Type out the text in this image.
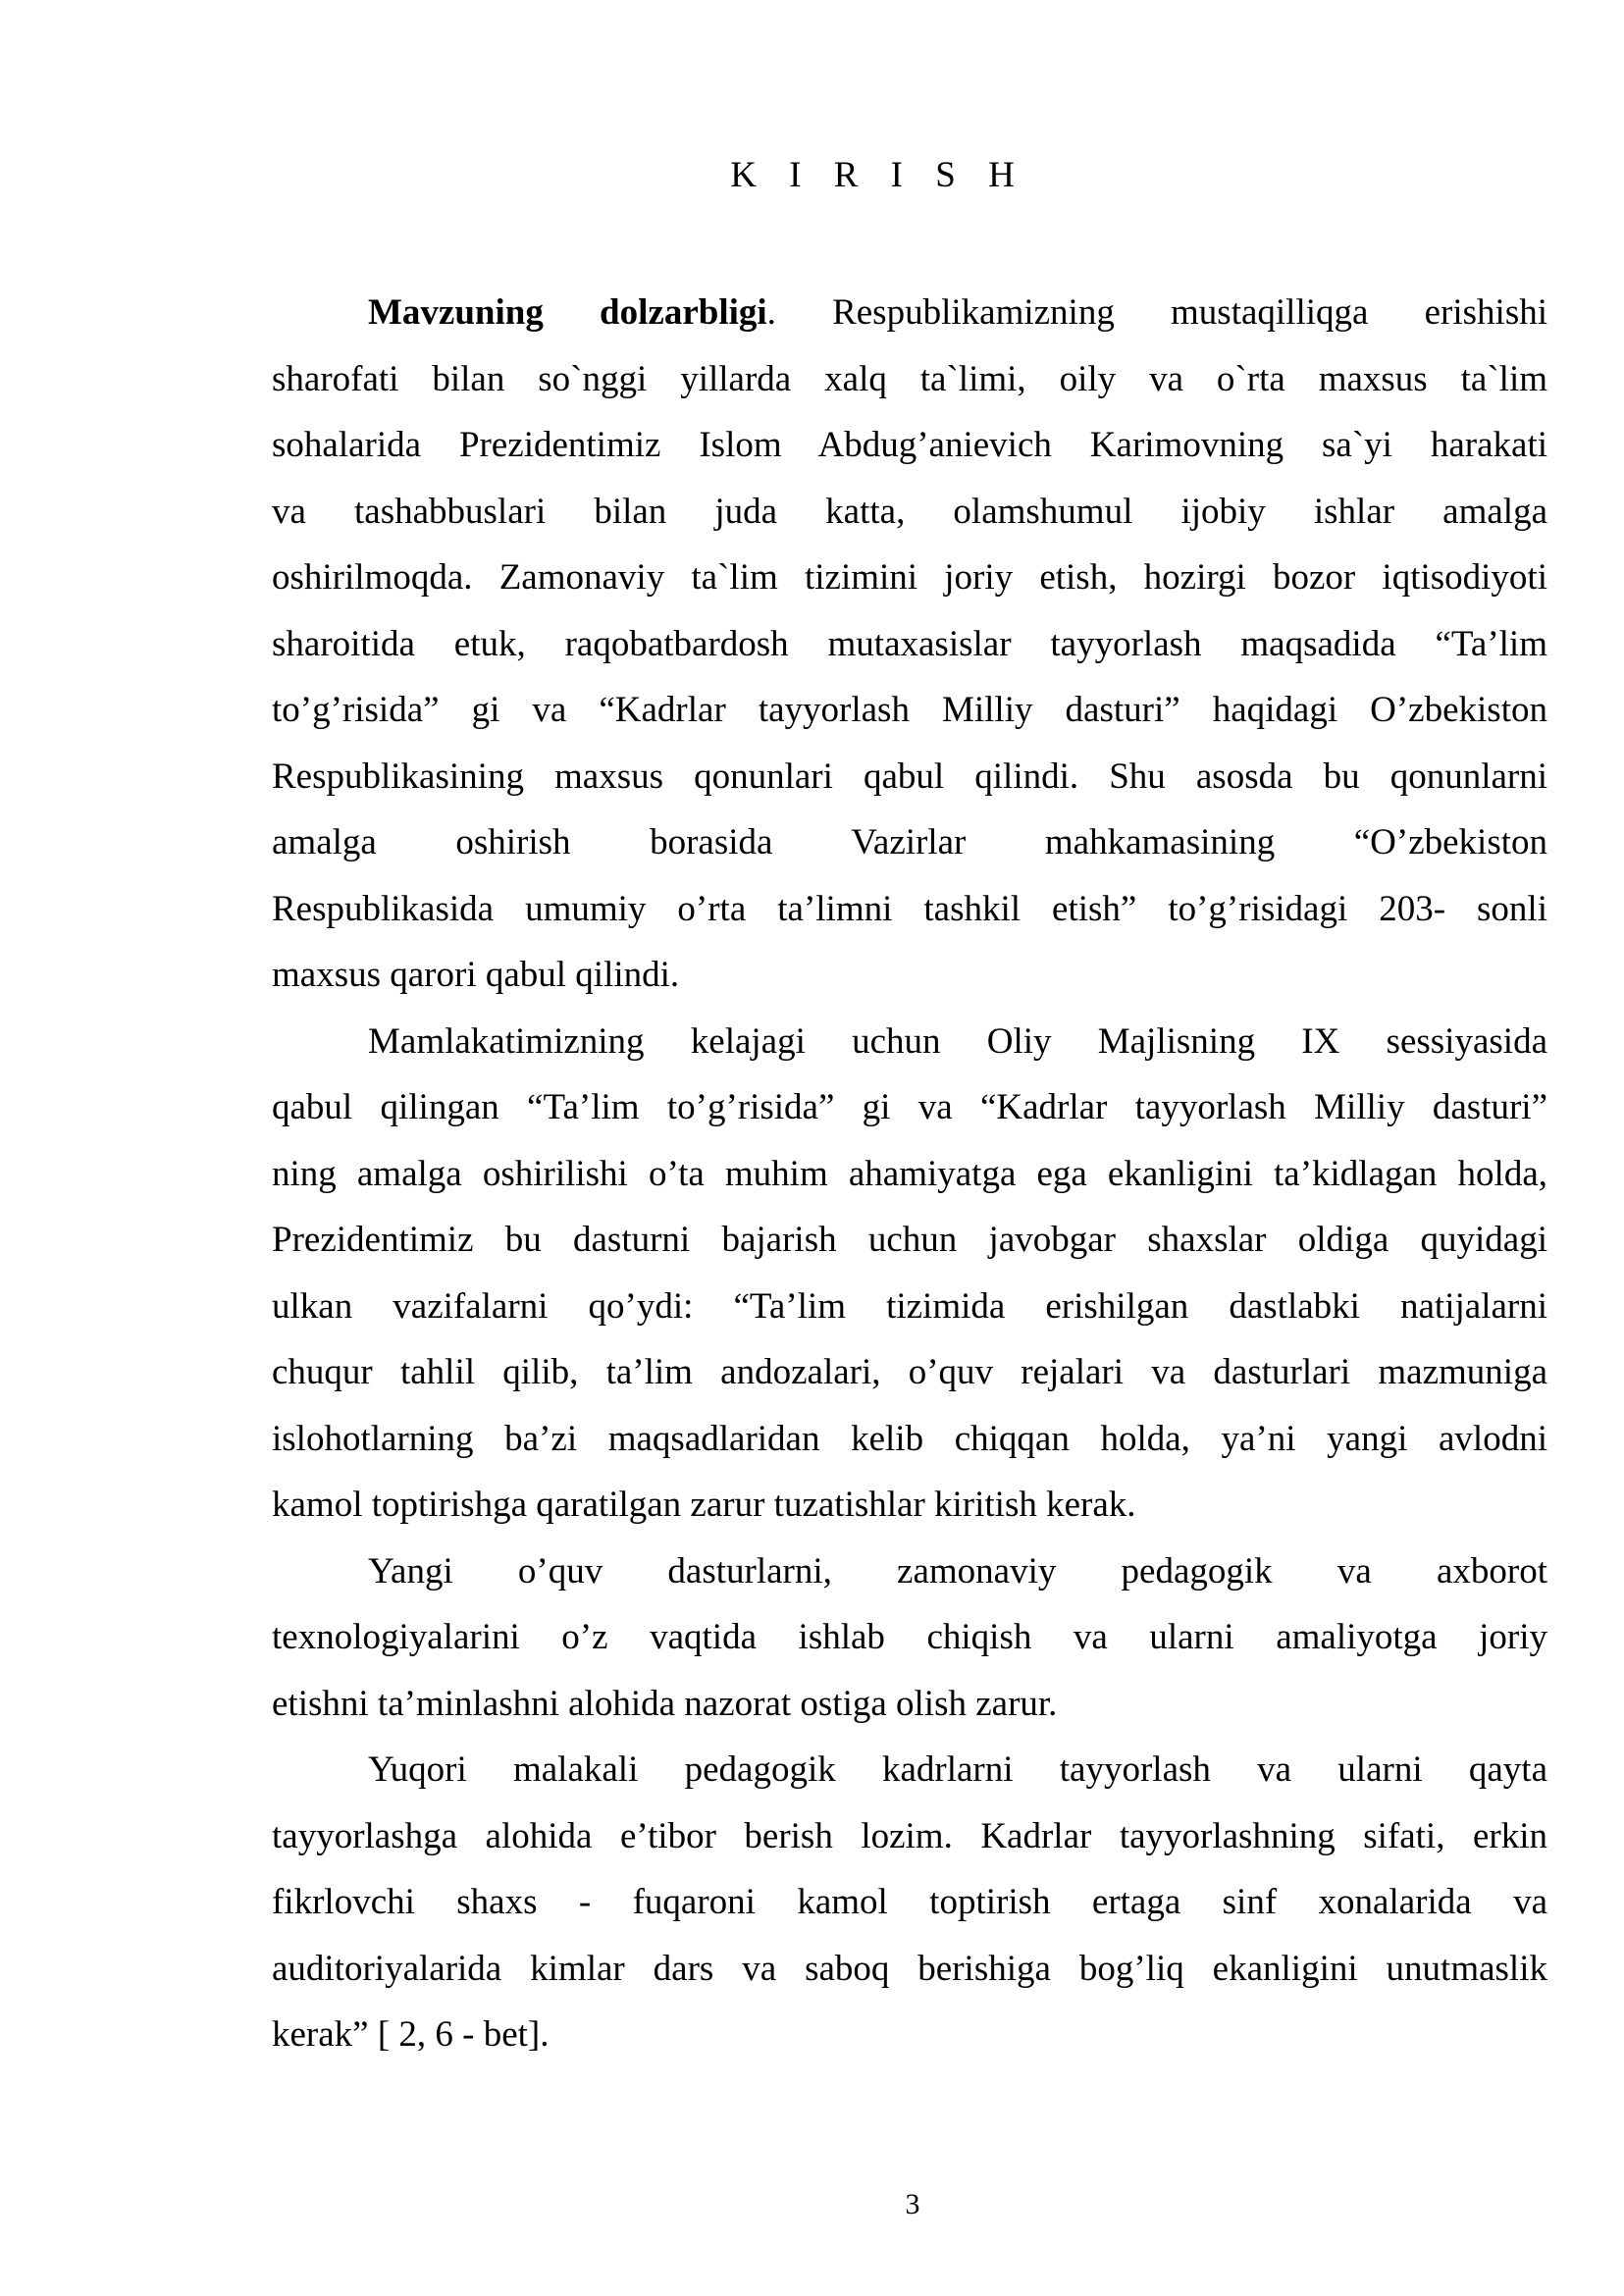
K I R I S H
Mavzuning dolzarbligi. Respublikamizning mustaqilliqga erishishi
sharofati bilan so`nggi yillarda xalq ta`limi, oily va o`rta maxsus ta`lim
sohalarida Prezidentimiz Islom Abdug’anievich Karimovning sa`yi harakati
va tashabbuslari bilan juda katta, olamshumul ijobiy ishlar amalga
oshirilmoqda. Zamonaviy ta`lim tizimini joriy etish, hozirgi bozor iqtisodiyoti
sharoitida etuk, raqobatbardosh mutaxasislar tayyorlash maqsadida “Ta’lim
to’g’risida” gi va “Kadrlar tayyorlash Milliy dasturi” haqidagi O’zbekiston
Respublikasining maxsus qonunlari qabul qilindi. Shu asosda bu qonunlarni
amalga oshirish borasida Vazirlar mahkamasining “O’zbekiston
Respublikasida umumiy o’rta ta’limni tashkil etish” to’g’risidagi 203- sonli
maxsus qarori qabul qilindi.
Mamlakatimizning kelajagi uchun Oliy Majlisning IX sessiyasida
qabul qilingan “Ta’lim to’g’risida” gi va “Kadrlar tayyorlash Milliy dasturi”
ning amalga oshirilishi o’ta muhim ahamiyatga ega ekanligini ta’kidlagan holda,
Prezidentimiz bu dasturni bajarish uchun javobgar shaxslar oldiga quyidagi
ulkan vazifalarni qo’ydi: “Ta’lim tizimida erishilgan dastlabki natijalarni
chuqur tahlil qilib, ta’lim andozalari, o’quv rejalari va dasturlari mazmuniga
islohotlarning ba’zi maqsadlaridan kelib chiqqan holda, ya’ni yangi avlodni
kamol toptirishga qaratilgan zarur tuzatishlar kiritish kerak.
Yangi o’quv dasturlarni, zamonaviy pedagogik va axborot
texnologiyalarini o’z vaqtida ishlab chiqish va ularni amaliyotga joriy
etishni ta’minlashni alohida nazorat ostiga olish zarur.
Yuqori malakali pedagogik kadrlarni tayyorlash va ularni qayta
tayyorlashga alohida e’tibor berish lozim. Kadrlar tayyorlashning sifati, erkin
fikrlovchi shaxs - fuqaroni kamol toptirish ertaga sinf xonalarida va
auditoriyalarida kimlar dars va saboq berishiga bog’liq ekanligini unutmaslik
kerak” [ 2, 6 - bet].
3
